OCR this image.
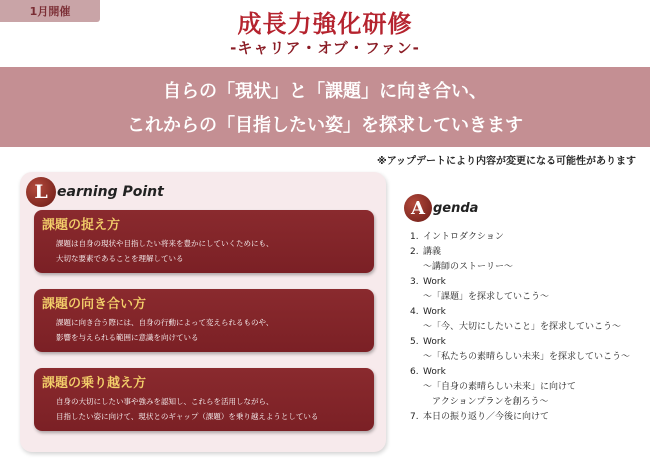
1月開催	成長力強化研修
-キャリア・オブ・ファン-
自らの「現状」と「課題」に向き合い、
これからの「目指したい姿」を探求していきます
※アップデートにより内容が変更になる可能性があります
L earning Point
課題の捉え方
課題は自身の現状や目指したい将来を豊かにしていくためにも、
大切な要素であることを理解している
課題の向き合い方
課題に向き合う際には、自身の行動によって変えられるものや、
影響を与えられる範囲に意識を向けている
課題の乗り越え方
自身の大切にしたい事や強みを認知し、これらを活用しながら、
目指したい姿に向けて、現状とのギャップ（課題）を乗り越えようとしている
A genda
1. イントロダクション
2. 講義
～講師のストーリー～
3. Work
～「課題」を探求していこう～
4. Work
～「今、大切にしたいこと」を探求していこう～
5. Work
～「私たちの素晴らしい未来」を探求していこう～
6. Work
～「自身の素晴らしい未来」に向けて
アクションプランを創ろう～
7. 本日の振り返り／今後に向けて
